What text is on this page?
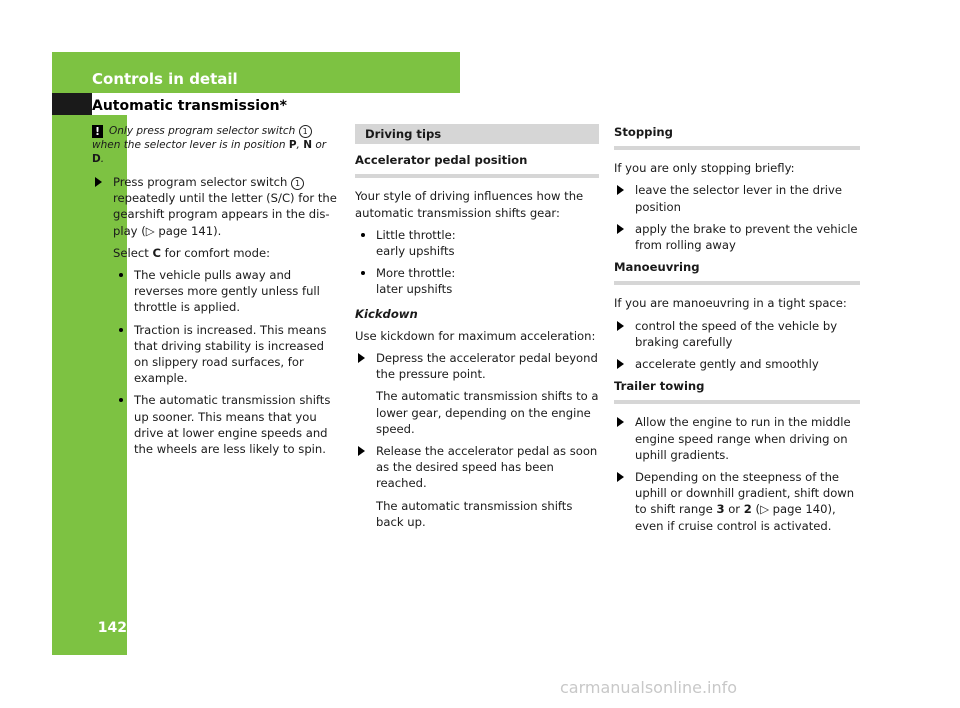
Controls in detail
Automatic transmission*
142

! Only press program selector switch 1
when the selector lever is in position P, N or D.

Press program selector switch 1 repeatedly until the letter (S/C) for the gearshift program appears in the dis-play (▷ page 141).

Select C for comfort mode:

The vehicle pulls away and reverses more gently unless full throttle is applied.
Traction is increased. This means that driving stability is increased on slippery road surfaces, for example.
The automatic transmission shifts up sooner. This means that you drive at lower engine speeds and the wheels are less likely to spin.
Driving tips
Accelerator pedal position

Your style of driving influences how the automatic transmission shifts gear:

Little throttle:
early upshifts
More throttle:
later upshifts

Kickdown

Use kickdown for maximum acceleration:

Depress the accelerator pedal beyond the pressure point.

The automatic transmission shifts to a lower gear, depending on the engine speed.

Release the accelerator pedal as soon as the desired speed has been reached.

The automatic transmission shifts back up.

Stopping

If you are only stopping briefly:

leave the selector lever in the drive position
apply the brake to prevent the vehicle from rolling away
Manoeuvring

If you are manoeuvring in a tight space:

control the speed of the vehicle by braking carefully
accelerate gently and smoothly
Trailer towing
Allow the engine to run in the middle engine speed range when driving on uphill gradients.
Depending on the steepness of the uphill or downhill gradient, shift down to shift range 3 or 2 (▷ page 140), even if cruise control is activated.
carmanualsonline.info
